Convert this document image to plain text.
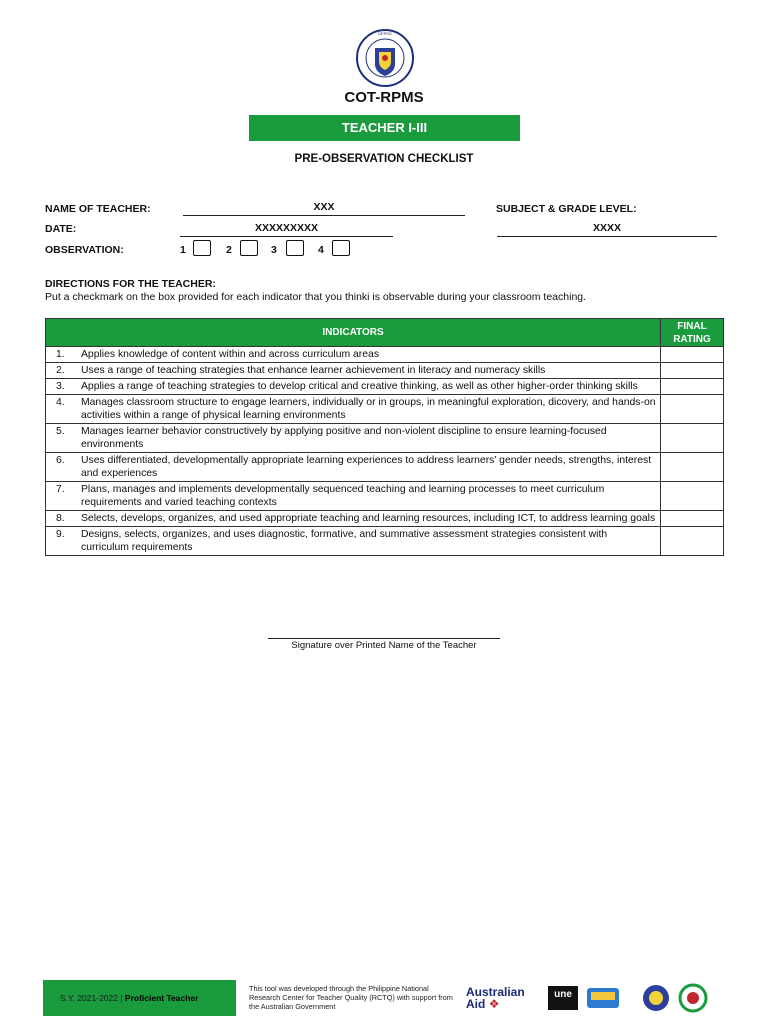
DEPED
COT-RPMS
TEACHER I-III
PRE-OBSERVATION CHECKLIST
NAME OF TEACHER:	XXX	SUBJECT & GRADE LEVEL:
DATE:	XXXXXXXXX	XXXX
OBSERVATION:	1	2	3	4
DIRECTIONS FOR THE TEACHER:
Put a checkmark on the box provided for each indicator that you thinki is observable during your classroom teaching.
INDICATORS	FINAL RATING

1. Applies knowledge of content within and across curriculum areas	

2. Uses a range of teaching strategies that enhance learner achievement in literacy and numeracy skills	

3. Applies a range of teaching strategies to develop critical and creative thinking, as well as other higher-order thinking skills	

4. Manages classroom structure to engage learners, individually or in groups, in meaningful exploration, dicovery, and hands-on activities within a range of physical learning environments	

5. Manages learner behavior constructively by applying positive and non-violent discipline to ensure learning-focused environments	

6. Uses differentiated, developmentally appropriate learning experiences to address learners’ gender needs, strengths, interest and experiences	

7. Plans, manages and implements developmentally sequenced teaching and learning processes to meet curriculum requirements and varied teaching contexts	

8. Selects, develops, organizes, and used appropriate teaching and learning resources, including ICT, to address learning goals	

9. Designs, selects, organizes, and uses diagnostic, formative, and summative assessment strategies consistent with curriculum requirements	

Signature over Printed Name of the Teacher
S.Y. 2021-2022 | Proficient Teacher
This tool was developed through the Philippine National Research Center for Teacher Quality (RCTQ) with support from the Australian Government
Australian
Aid ❖
une
